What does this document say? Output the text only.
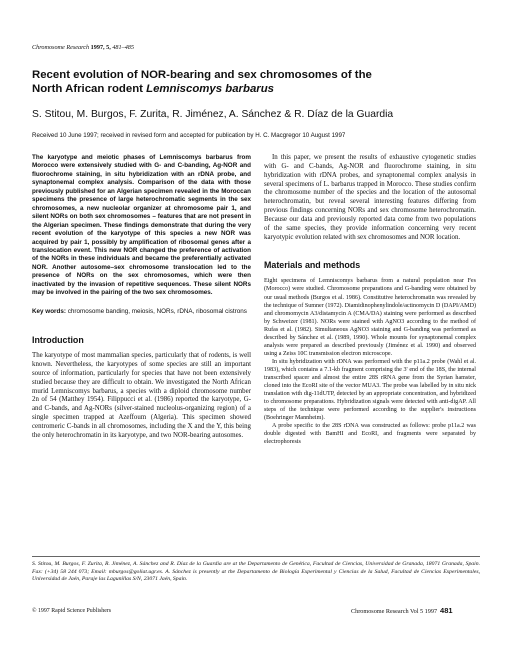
Chromosome Research 1997, 5, 481–485
Recent evolution of NOR-bearing and sex chromosomes of the
North African rodent Lemniscomys barbarus
S. Stitou, M. Burgos, F. Zurita, R. Jiménez, A. Sánchez & R. Díaz de la Guardia
Received 10 June 1997; received in revised form and accepted for publication by H. C. Macgregor 10 August 1997

The karyotype and meiotic phases of Lemniscomys barbarus from Morocco were extensively studied with G- and C-banding, Ag-NOR and fluorochrome staining, in situ hybridization with an rDNA probe, and synaptonemal complex analysis. Comparison of the data with those previously published for an Algerian specimen revealed in the Moroccan specimens the presence of large heterochromatic segments in the sex chromosomes, a new nucleolar organizer at chromosome pair 1, and silent NORs on both sex chromosomes – features that are not present in the Algerian specimen. These findings demonstrate that during the very recent evolution of the karyotype of this species a new NOR was acquired by pair 1, possibly by amplification of ribosomal genes after a translocation event. This new NOR changed the preference of activation of the NORs in these individuals and became the preferentially activated NOR. Another autosome–sex chromosome translocation led to the presence of NORs on the sex chromosomes, which were then inactivated by the invasion of repetitive sequences. These silent NORs may be involved in the pairing of the two sex chromosomes.

Key words: chromosome banding, meiosis, NORs, rDNA, ribosomal cistrons

Introduction

The karyotype of most mammalian species, particularly that of rodents, is well known. Nevertheless, the karyotypes of some species are still an important source of information, particularly for species that have not been extensively studied because they are difficult to obtain. We investigated the North African murid Lemniscomys barbarus, a species with a diploid chromosome number 2n of 54 (Matthey 1954). Filippucci et al. (1986) reported the karyotype, G- and C-bands, and Ag-NORs (silver-stained nucleolus-organizing region) of a single specimen trapped at Azeffoum (Algeria). This specimen showed centromeric C-bands in all chromosomes, including the X and the Y, this being the only heterochromatin in its karyotype, and two NOR-bearing autosomes.

In this paper, we present the results of exhaustive cytogenetic studies with G- and C-bands, Ag-NOR and fluorochrome staining, in situ hybridization with rDNA probes, and synaptonemal complex analysis in several specimens of L. barbarus trapped in Morocco. These studies confirm the chromosome number of the species and the location of the autosomal heterochromatin, but reveal several interesting features differing from previous findings concerning NORs and sex chromosome heterochromatin. Because our data and previously reported data come from two populations of the same species, they provide information concerning very recent karyotypic evolution related with sex chromosomes and NOR location.

Materials and methods

Eight specimens of Lemniscomys barbarus from a natural population near Fes (Morocco) were studied. Chromosome preparations and G-banding were obtained by our usual methods (Burgos et al. 1986). Constitutive heterochromatin was revealed by the technique of Sumner (1972). Diamidinophenylindole/actinomycin D (DAPI/AMD) and chromomycin A3/distamycin A (CMA/DA) staining were performed as described by Schweizer (1981). NORs were stained with AgNO3 according to the method of Rufas et al. (1982). Simultaneous AgNO3 staining and G-banding was performed as described by Sánchez et al. (1989, 1990). Whole mounts for synaptonemal complex analysis were prepared as described previously (Jiménez et al. 1990) and observed using a Zeiss 10C transmission electron microscope.

In situ hybridization with rDNA was performed with the p11a.2 probe (Wahl et al. 1983), which contains a 7.1-kb fragment comprising the 3' end of the 18S, the internal transcribed spacer and almost the entire 28S rRNA gene from the Syrian hamster, cloned into the EcoRI site of the vector MUA3. The probe was labelled by in situ nick translation with dig-11dUTP, detected by an appropriate concentration, and hybridized to chromosome preparations. Hybridization signals were detected with anti-digAP. All steps of the technique were performed according to the supplier's instructions (Boehringer Mannheim).

A probe specific to the 28S rDNA was constructed as follows: probe p11a.2 was double digested with BamHI and EcoRI, and fragments were separated by electrophoresis

S. Stitou, M. Burgos, F. Zurita, R. Jiménez, A. Sánchez and R. Díaz de la Guardia are at the Departamento de Genética, Facultad de Ciencias, Universidad de Granada, 18071 Granada, Spain. Fax: (+34) 58 244 073; Email: mburgos@goliat.ugr.es. A. Sánchez is presently at the Departamento de Biología Experimental y Ciencias de la Salud, Facultad de Ciencias Experimentales, Universidad de Jaén, Paraje las Lagunillas S/N, 23071 Jaén, Spain.
© 1997 Rapid Science Publishers	Chromosome Research Vol 5 1997 481
